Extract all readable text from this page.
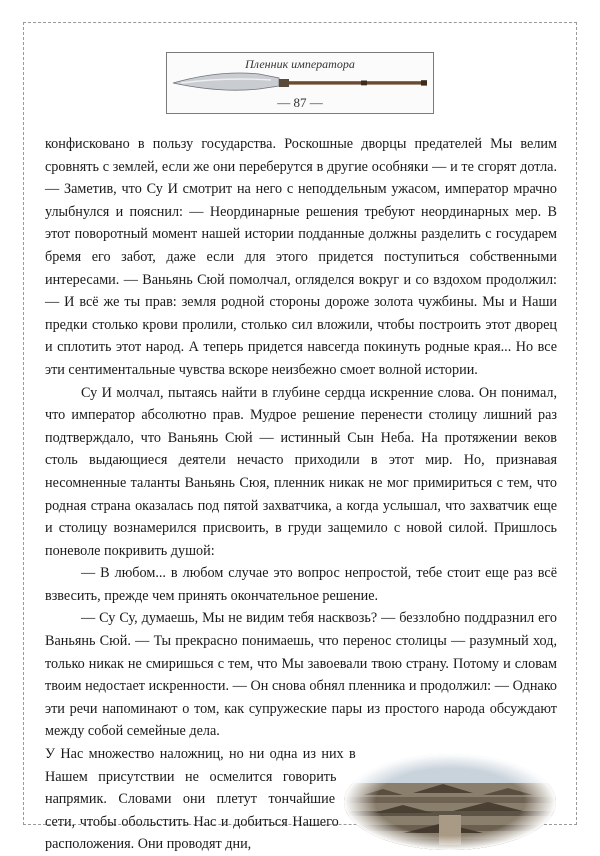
Пленник императора
— 87 —

конфисковано в пользу государства. Роскошные дворцы предателей Мы велим сровнять с землей, если же они переберутся в другие особняки — и те сгорят дотла. — Заметив, что Су И смотрит на него с неподдельным ужасом, император мрачно улыбнулся и пояснил: — Неординарные решения требуют неординарных мер. В этот поворотный момент нашей истории подданные должны разделить с государем бремя его забот, даже если для этого придется поступиться собственными интересами. — Ваньянь Сюй помолчал, огляделся вокруг и со вздохом продолжил: — И всё же ты прав: земля родной стороны дороже золота чужбины. Мы и Наши предки столько крови пролили, столько сил вложили, чтобы построить этот дворец и сплотить этот народ. А теперь придется навсегда покинуть родные края... Но все эти сентиментальные чувства вскоре неизбежно смоет волной истории.

Су И молчал, пытаясь найти в глубине сердца искренние слова. Он понимал, что император абсолютно прав. Мудрое решение перенести столицу лишний раз подтверждало, что Ваньянь Сюй — истинный Сын Неба. На протяжении веков столь выдающиеся деятели нечасто приходили в этот мир. Но, признавая несомненные таланты Ваньянь Сюя, пленник никак не мог примириться с тем, что родная страна оказалась под пятой захватчика, а когда услышал, что захватчик еще и столицу вознамерился присвоить, в груди защемило с новой силой. Пришлось поневоле покривить душой:

— В любом... в любом случае это вопрос непростой, тебе стоит еще раз всё взвесить, прежде чем принять окончательное решение.

— Су Су, думаешь, Мы не видим тебя насквозь? — беззлобно поддразнил его Ваньянь Сюй. — Ты прекрасно понимаешь, что перенос столицы — разумный ход, только никак не смиришься с тем, что Мы завоевали твою страну. Потому и словам твоим недостает искренности. — Он снова обнял пленника и продолжил: — Однако эти речи напоминают о том, как супружеские пары из простого народа обсуждают между собой семейные дела.

У Нас множество наложниц, но ни одна из них в Нашем присутствии не осмелится говорить напрямик. Словами они плетут тончайшие сети, чтобы обольстить Нас и добиться Нашего расположения. Они проводят дни,
